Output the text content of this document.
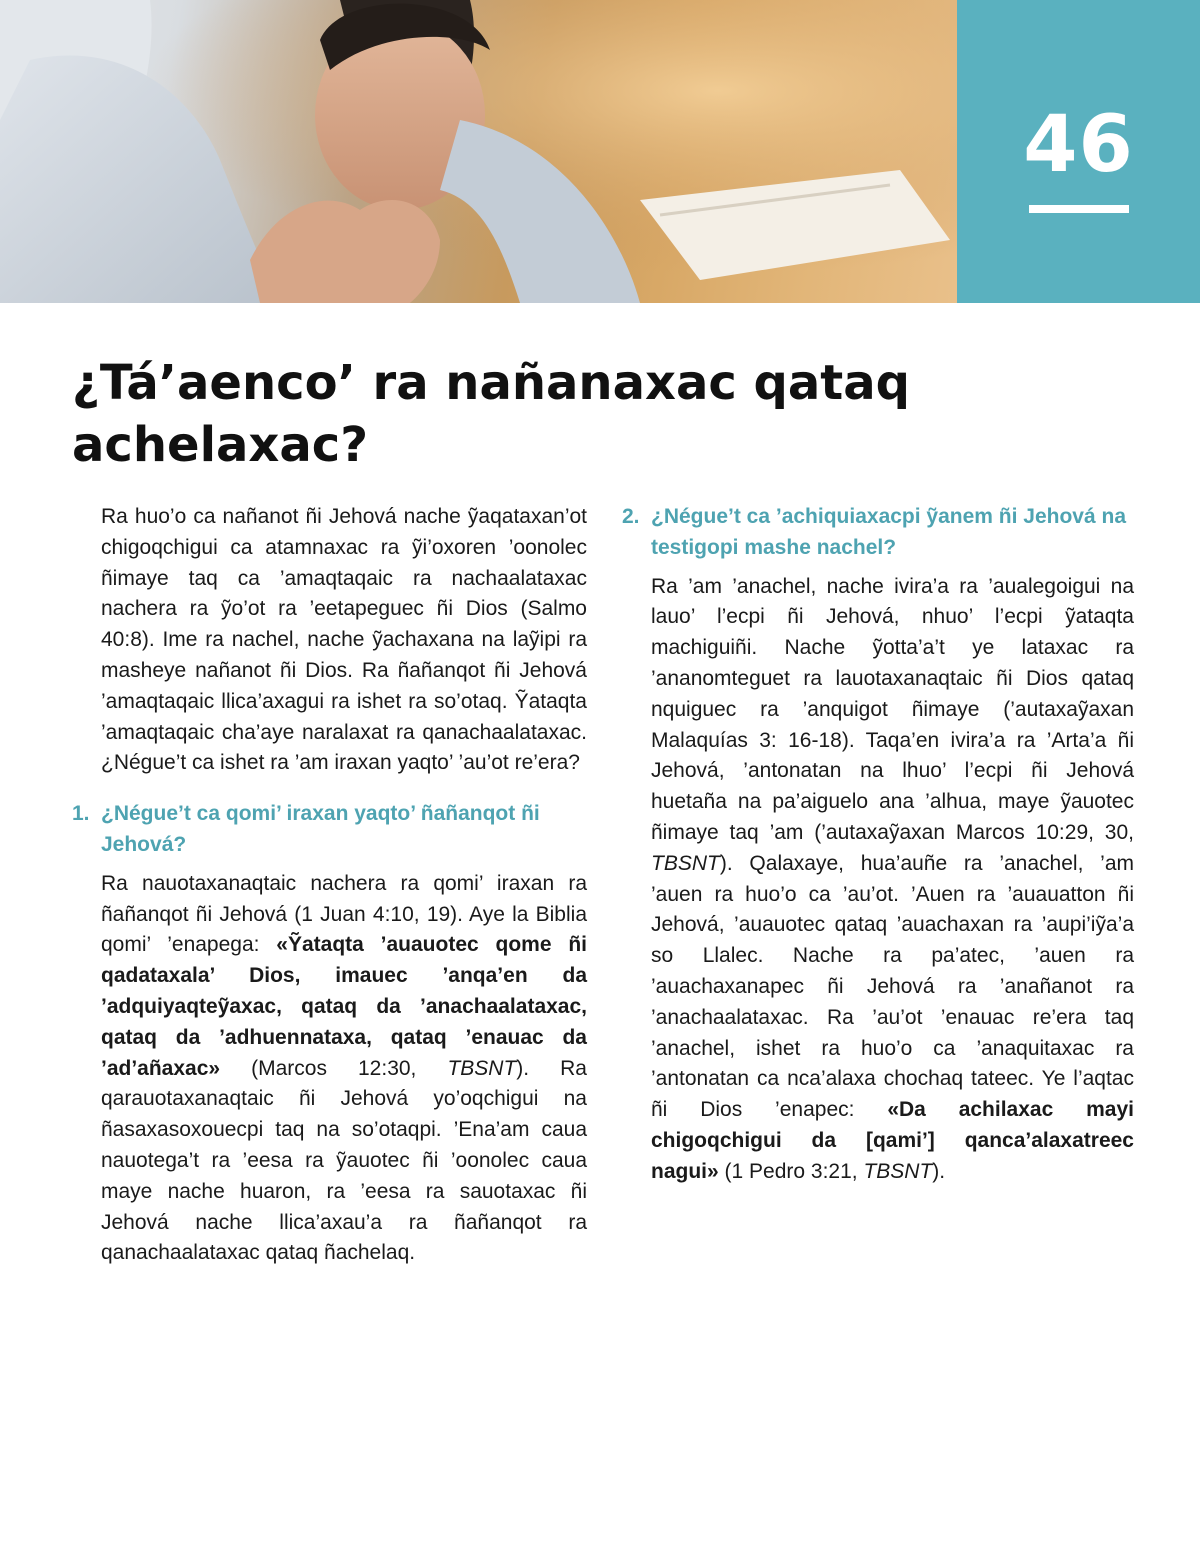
46
¿Tá’aenco’ ra nañanaxac qataq achelaxac?

Ra huo’o ca nañanot ñi Jehová nache ỹaqataxan’ot chigoqchigui ca atamnaxac ra ỹi’oxoren ’oonolec ñimaye taq ca ’amaqtaqaic ra nachaalataxac nachera ra ỹo’ot ra ’eetapeguec ñi Dios (Salmo 40:8). Ime ra nachel, nache ỹachaxana na laỹipi ra masheye nañanot ñi Dios. Ra ñañanqot ñi Jehová ’amaqtaqaic llica’axagui ra ishet ra so’otaq. Ỹataqta ’amaqtaqaic cha’aye naralaxat ra qanachaalataxac. ¿Négue’t ca ishet ra ’am iraxan yaqto’ ’au’ot re’era?

1. ¿Négue’t ca qomi’ iraxan yaqto’ ñañanqot ñi Jehová?

Ra nauotaxanaqtaic nachera ra qomi’ iraxan ra ñañanqot ñi Jehová (1 Juan 4:10, 19). Aye la Biblia qomi’ ’enapega: «Ỹataqta ’auauotec qome ñi qadataxala’ Dios, imauec ’anqa’en da ’adquiyaqteỹaxac, qataq da ’anachaalataxac, qataq da ’adhuennataxa, qataq ’enauac da ’ad’añaxac» (Marcos 12:30, TBSNT). Ra qarauotaxanaqtaic ñi Jehová yo’oqchigui na ñasaxasoxouecpi taq na so’otaqpi. ’Ena’am caua nauotega’t ra ’eesa ra ỹauotec ñi ’oonolec caua maye nache huaron, ra ’eesa ra sauotaxac ñi Jehová nache llica’axau’a ra ñañanqot ra qanachaalataxac qataq ñachelaq.

2. ¿Négue’t ca ’achiquiaxacpi ỹanem ñi Jehová na testigopi mashe nachel?

Ra ’am ’anachel, nache ivira’a ra ’aualegoigui na lauo’ l’ecpi ñi Jehová, nhuo’ l’ecpi ỹataqta machiguiñi. Nache ỹotta’a’t ye lataxac ra ’ananomteguet ra lauotaxanaqtaic ñi Dios qataq nquiguec ra ’anquigot ñimaye (’autaxaỹaxan Malaquías 3: 16-18). Taqa’en ivira’a ra ’Arta’a ñi Jehová, ’antonatan na lhuo’ l’ecpi ñi Jehová huetaña na pa’aiguelo ana ’alhua, maye ỹauotec ñimaye taq ’am (’autaxaỹaxan Marcos 10:29, 30, TBSNT). Qalaxaye, hua’auñe ra ’anachel, ’am ’auen ra huo’o ca ’au’ot. ’Auen ra ’auauatton ñi Jehová, ’auauotec qataq ’auachaxan ra ’aupi’iỹa’a so Llalec. Nache ra pa’atec, ’auen ra ’auachaxanapec ñi Jehová ra ’anañanot ra ’anachaalataxac. Ra ’au’ot ’enauac re’era taq ’anachel, ishet ra huo’o ca ’anaquitaxac ra ’antonatan ca nca’alaxa chochaq tateec. Ye l’aqtac ñi Dios ’enapec: «Da achilaxac mayi chigoqchigui da [qami’] qanca’alaxatreec nagui» (1 Pedro 3:21, TBSNT).
